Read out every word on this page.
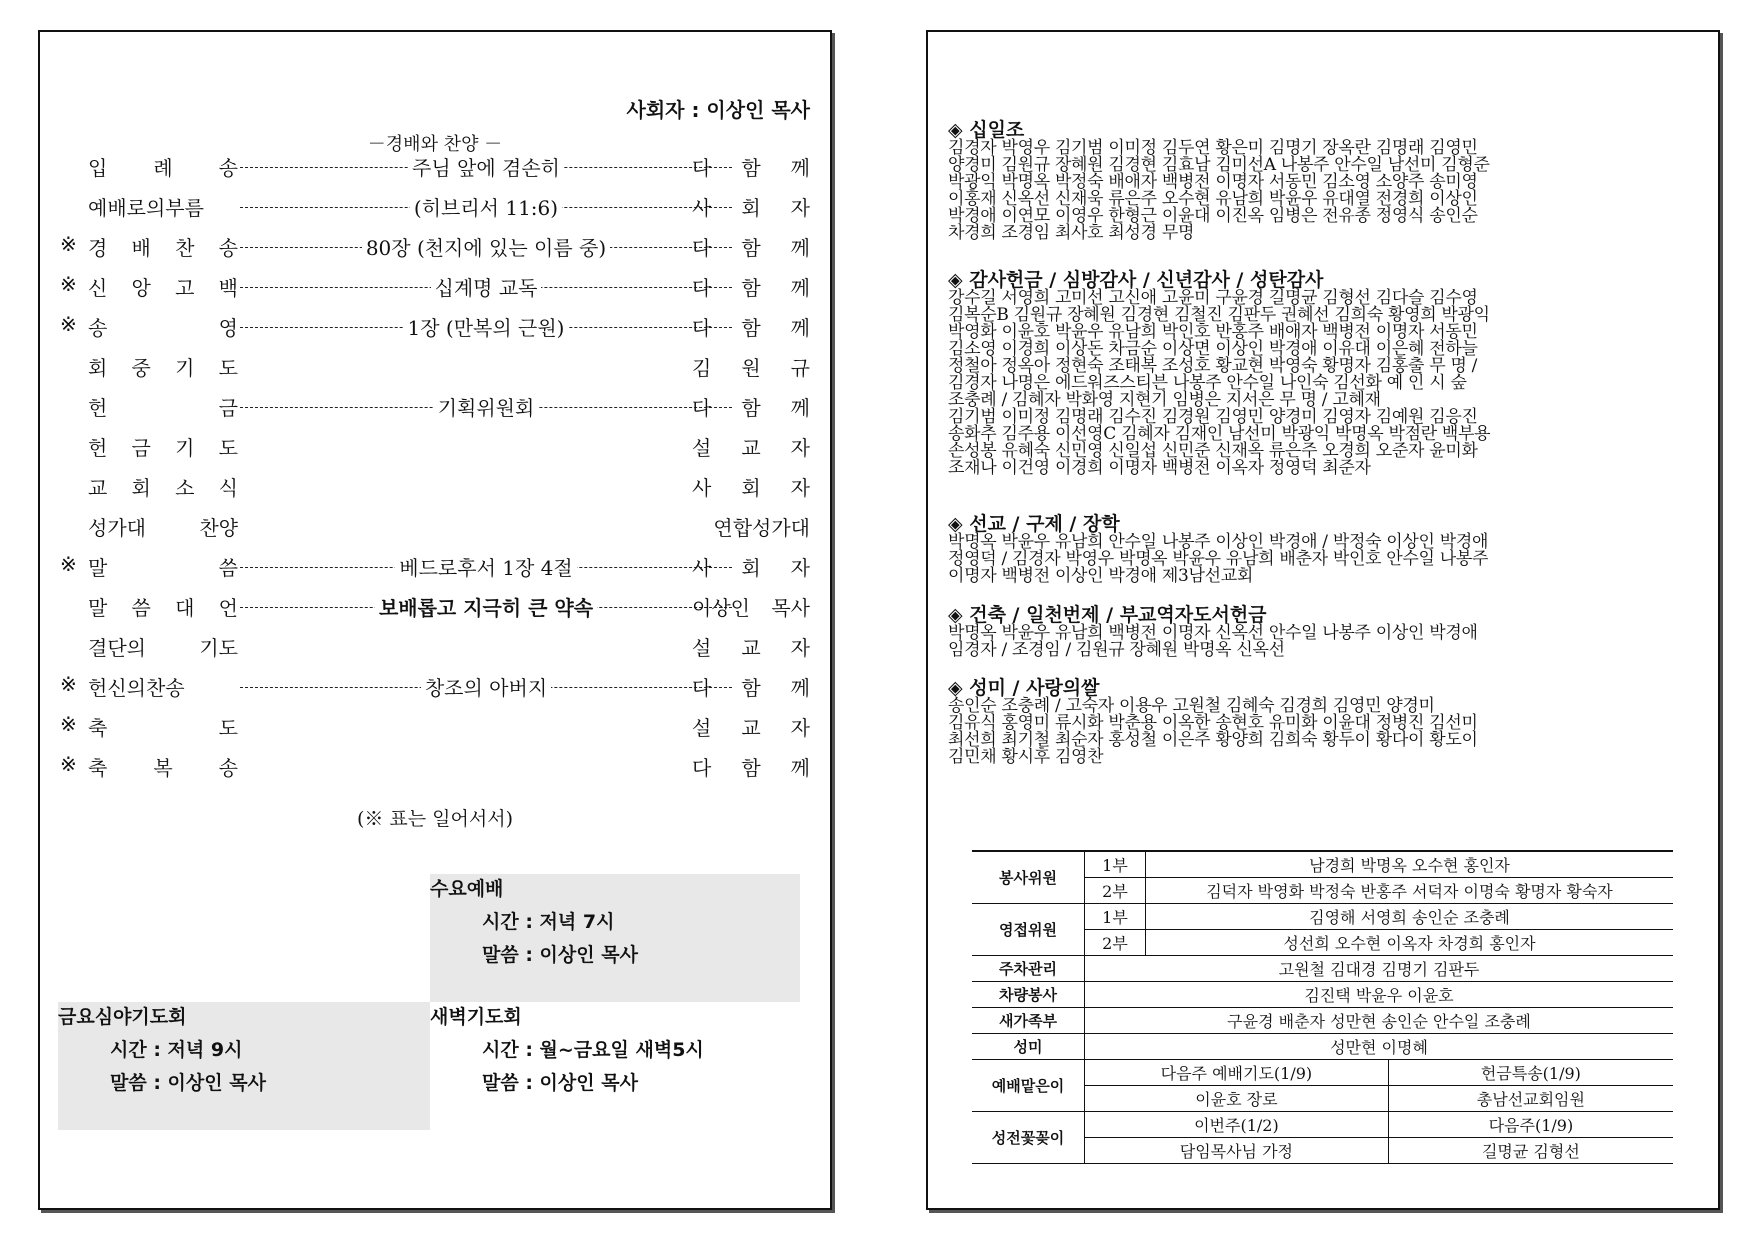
사회자 : 이상인 목사
－경배와 찬양 －
입 례 송	주님 앞에 겸손히	다 함 께
예배로의부름	(히브리서 11:6)	사 회 자
※ 경 배 찬 송	80장 (천지에 있는 이름 중)	다 함 께
※ 신 앙 고 백	십계명 교독	다 함 께
※ 송 영	1장 (만복의 근원)	다 함 께
회 중 기 도	김 원 규
헌 금	기획위원회	다 함 께
헌 금 기 도	설 교 자
교 회 소 식	사 회 자
성가대 찬양	연합성가대
※ 말 씀	베드로후서 1장 4절	사 회 자
말 씀 대 언	보배롭고 지극히 큰 약속	이상인 목사
결단의 기도	설 교 자
※ 헌신의찬송	창조의 아버지	다 함 께
※ 축 도	설 교 자
※ 축 복 송	다 함 께
(※ 표는 일어서서)
수요예배
시간 : 저녁 7시
말씀 : 이상인 목사
금요심야기도회
시간 : 저녁 9시
말씀 : 이상인 목사
새벽기도회
시간 : 월~금요일 새벽5시
말씀 : 이상인 목사
◈ 십일조
김경자 박영우 김기범 이미정 김두연 황은미 김명기 장옥란 김명래 김영민
양경미 김원규 장혜원 김경현 김효남 김미선A 나봉주 안수일 남선미 김형준
박광익 박명옥 박정숙 배애자 백병전 이명자 서동민 김소영 소양주 송미영
이홍재 신옥선 신재욱 류은주 오수현 유남희 박윤우 유대열 전경희 이상인
박경애 이연모 이영우 한형근 이윤대 이진옥 임병은 전유종 정영식 송인순
차경희 조경임 최사호 최성경 무명
◈ 감사헌금 / 심방감사 / 신년감사 / 성탄감사
강수길 서영희 고미선 고신애 고윤미 구윤경 길명균 김형선 김다슬 김수영
김복순B 김원규 장혜원 김경현 김철진 김판두 권혜선 김희숙 황영희 박광익
박영화 이윤호 박윤우 유남희 박인호 반홍주 배애자 백병전 이명자 서동민
김소영 이경희 이상돈 차금순 이상면 이상인 박경애 이유대 이은혜 전하늘
정철아 정옥아 정현숙 조태복 조성호 황교현 박영숙 황명자 김홍출 무 명 /
김경자 나명은 에드워즈스티븐 나봉주 안수일 나인숙 김선화 예 인 시 숲
조충례 / 김혜자 박화영 지현기 임병은 지서은 무 명 / 고혜재
김기범 이미정 김명래 김수진 김경원 김영민 양경미 김영자 김예원 김응진
송화추 김주용 이선영C 김혜자 김재인 남선미 박광익 박명옥 박점란 백부용
손성봉 유혜숙 신민영 신일섭 신민준 신재옥 류은주 오경희 오준자 윤미화
조재나 이건영 이경희 이명자 백병전 이옥자 정영덕 최준자
◈ 선교 / 구제 / 장학
박명옥 박윤우 유남희 안수일 나봉주 이상인 박경애 / 박정숙 이상인 박경애
정영덕 / 김경자 박영우 박명옥 박윤우 유남희 배춘자 박인호 안수일 나봉주
이명자 백병전 이상인 박경애 제3남선교회
◈ 건축 / 일천번제 / 부교역자도서헌금
박명옥 박윤우 유남희 백병전 이명자 신옥선 안수일 나봉주 이상인 박경애
임경자 / 조경임 / 김원규 장혜원 박명옥 신옥선
◈ 성미 / 사랑의쌀
송인순 조충례 / 고숙자 이용우 고원철 김혜숙 김경희 김영민 양경미
김유식 홍영미 류시화 박춘용 이옥한 송현호 유미화 이윤대 정병진 김선미
최선희 최기철 최순자 홍성철 이은주 황양희 김희숙 황두이 황다이 황도이
김민채 황시후 김영찬
봉사위원	1부	남경희 박명옥 오수현 홍인자	
	2부	김덕자 박영화 박정숙 반홍주 서덕자 이명숙 황명자 황숙자	
영접위원	1부	김영해 서영희 송인순 조충례	
	2부	성선희 오수현 이옥자 차경희 홍인자	
주차관리	고원철 김대경 김명기 김판두		
차량봉사	김진택 박윤우 이윤호		
새가족부	구윤경 배춘자 성만현 송인순 안수일 조충례		
성미	성만현 이명혜		
예배맡은이	다음주 예배기도(1/9)		헌금특송(1/9)
	이윤호 장로		총남선교회임원
성전꽃꽂이	이번주(1/2)		다음주(1/9)
	담임목사님 가정		길명균 김형선
